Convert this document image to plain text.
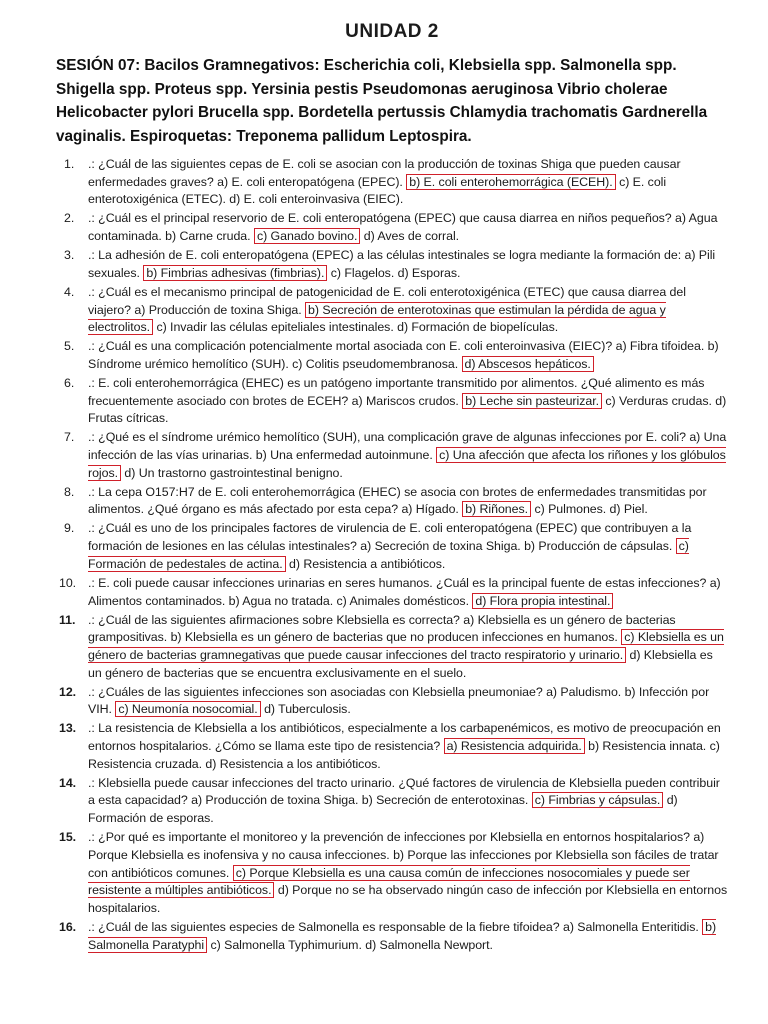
UNIDAD 2

SESIÓN 07: Bacilos Gramnegativos: Escherichia coli, Klebsiella spp. Salmonella spp. Shigella spp. Proteus spp. Yersinia pestis Pseudomonas aeruginosa Vibrio cholerae Helicobacter pylori Brucella spp. Bordetella pertussis Chlamydia trachomatis Gardnerella vaginalis. Espiroquetas: Treponema pallidum Leptospira.

1.	.: ¿Cuál de las siguientes cepas de E. coli se asocian con la producción de toxinas Shiga que pueden causar enfermedades graves? a) E. coli enteropatógena (EPEC). b) E. coli enterohemorrágica (ECEH). c) E. coli enterotoxigénica (ETEC). d) E. coli enteroinvasiva (EIEC).
2.	.: ¿Cuál es el principal reservorio de E. coli enteropatógena (EPEC) que causa diarrea en niños pequeños? a) Agua contaminada. b) Carne cruda. c) Ganado bovino. d) Aves de corral.
3.	.: La adhesión de E. coli enteropatógena (EPEC) a las células intestinales se logra mediante la formación de: a) Pili sexuales. b) Fimbrias adhesivas (fimbrias). c) Flagelos. d) Esporas.
4.	.: ¿Cuál es el mecanismo principal de patogenicidad de E. coli enterotoxigénica (ETEC) que causa diarrea del viajero? a) Producción de toxina Shiga. b) Secreción de enterotoxinas que estimulan la pérdida de agua y electrolitos. c) Invadir las células epiteliales intestinales. d) Formación de biopelículas.
5.	.: ¿Cuál es una complicación potencialmente mortal asociada con E. coli enteroinvasiva (EIEC)? a) Fibra tifoidea. b) Síndrome urémico hemolítico (SUH). c) Colitis pseudomembranosa. d) Abscesos hepáticos.
6.	.: E. coli enterohemorrágica (EHEC) es un patógeno importante transmitido por alimentos. ¿Qué alimento es más frecuentemente asociado con brotes de ECEH? a) Mariscos crudos. b) Leche sin pasteurizar. c) Verduras crudas. d) Frutas cítricas.
7.	.: ¿Qué es el síndrome urémico hemolítico (SUH), una complicación grave de algunas infecciones por E. coli? a) Una infección de las vías urinarias. b) Una enfermedad autoinmune. c) Una afección que afecta los riñones y los glóbulos rojos. d) Un trastorno gastrointestinal benigno.
8.	.: La cepa O157:H7 de E. coli enterohemorrágica (EHEC) se asocia con brotes de enfermedades transmitidas por alimentos. ¿Qué órgano es más afectado por esta cepa? a) Hígado. b) Riñones. c) Pulmones. d) Piel.
9.	.: ¿Cuál es uno de los principales factores de virulencia de E. coli enteropatógena (EPEC) que contribuyen a la formación de lesiones en las células intestinales? a) Secreción de toxina Shiga. b) Producción de cápsulas. c) Formación de pedestales de actina. d) Resistencia a antibióticos.
10. .: E. coli puede causar infecciones urinarias en seres humanos. ¿Cuál es la principal fuente de estas infecciones? a) Alimentos contaminados. b) Agua no tratada. c) Animales domésticos. d) Flora propia intestinal.
11. .: ¿Cuál de las siguientes afirmaciones sobre Klebsiella es correcta? a) Klebsiella es un género de bacterias grampositivas. b) Klebsiella es un género de bacterias que no producen infecciones en humanos. c) Klebsiella es un género de bacterias gramnegativas que puede causar infecciones del tracto respiratorio y urinario. d) Klebsiella es un género de bacterias que se encuentra exclusivamente en el suelo.
12. .: ¿Cuáles de las siguientes infecciones son asociadas con Klebsiella pneumoniae? a) Paludismo. b) Infección por VIH. c) Neumonía nosocomial. d) Tuberculosis.
13. .: La resistencia de Klebsiella a los antibióticos, especialmente a los carbapenémicos, es motivo de preocupación en entornos hospitalarios. ¿Cómo se llama este tipo de resistencia? a) Resistencia adquirida. b) Resistencia innata. c) Resistencia cruzada. d) Resistencia a los antibióticos.
14. .: Klebsiella puede causar infecciones del tracto urinario. ¿Qué factores de virulencia de Klebsiella pueden contribuir a esta capacidad? a) Producción de toxina Shiga. b) Secreción de enterotoxinas. c) Fimbrias y cápsulas. d) Formación de esporas.
15. .: ¿Por qué es importante el monitoreo y la prevención de infecciones por Klebsiella en entornos hospitalarios? a) Porque Klebsiella es inofensiva y no causa infecciones. b) Porque las infecciones por Klebsiella son fáciles de tratar con antibióticos comunes. c) Porque Klebsiella es una causa común de infecciones nosocomiales y puede ser resistente a múltiples antibióticos. d) Porque no se ha observado ningún caso de infección por Klebsiella en entornos hospitalarios.
16. .: ¿Cuál de las siguientes especies de Salmonella es responsable de la fiebre tifoidea? a) Salmonella Enteritidis. b) Salmonella Paratyphi c) Salmonella Typhimurium. d) Salmonella Newport.
